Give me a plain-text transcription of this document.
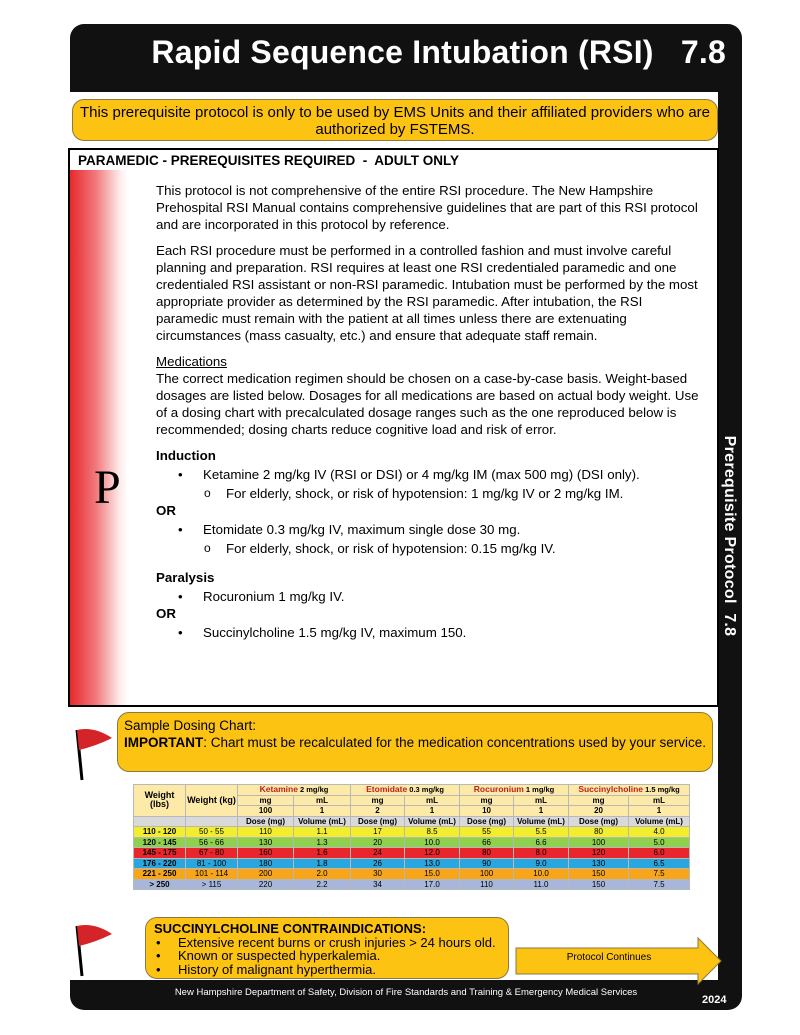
Rapid Sequence Intubation (RSI)   7.8
Prerequisite Protocol  7.8
This prerequisite protocol is only to be used by EMS Units and their affiliated providers who are authorized by FSTEMS.
PARAMEDIC - PREREQUISITES REQUIRED  -  ADULT ONLY
P

This protocol is not comprehensive of the entire RSI procedure. The New Hampshire Prehospital RSI Manual contains comprehensive guidelines that are part of this RSI protocol and are incorporated in this protocol by reference.

Each RSI procedure must be performed in a controlled fashion and must involve careful planning and preparation. RSI requires at least one RSI credentialed paramedic and one credentialed RSI assistant or non-RSI paramedic. Intubation must be performed by the most appropriate provider as determined by the RSI paramedic. After intubation, the RSI paramedic must remain with the patient at all times unless there are extenuating circumstances (mass casualty, etc.) and ensure that adequate staff remain.

Medications

The correct medication regimen should be chosen on a case-by-case basis. Weight-based dosages are listed below. Dosages for all medications are based on actual body weight. Use of a dosing chart with precalculated dosage ranges such as the one reproduced below is recommended; dosing charts reduce cognitive load and risk of error.

Induction
• Ketamine 2 mg/kg IV (RSI or DSI) or 4 mg/kg IM (max 500 mg) (DSI only).
o For elderly, shock, or risk of hypotension: 1 mg/kg IV or 2 mg/kg IM.
OR
• Etomidate 0.3 mg/kg IV, maximum single dose 30 mg.
o For elderly, shock, or risk of hypotension: 0.15 mg/kg IV.
Paralysis
• Rocuronium 1 mg/kg IV.
OR
• Succinylcholine 1.5 mg/kg IV, maximum 150.
Sample Dosing Chart:
IMPORTANT: Chart must be recalculated for the medication concentrations used by your service.
Weight (lbs)	Weight (kg)	Ketamine 2 mg/kg		Etomidate 0.3 mg/kg		Rocuronium 1 mg/kg		Succinylcholine 1.5 mg/kg	
		mg	mL	mg	mL	mg	mL	mg	mL
		100	1	2	1	10	1	20	1
		Dose (mg)	Volume (mL)	Dose (mg)	Volume (mL)	Dose (mg)	Volume (mL)	Dose (mg)	Volume (mL)
110 - 120	50 - 55	110	1.1	17	8.5	55	5.5	80	4.0
120 - 145	56 - 66	130	1.3	20	10.0	66	6.6	100	5.0
145 - 175	67 - 80	160	1.6	24	12.0	80	8.0	120	6.0
176 - 220	81 - 100	180	1.8	26	13.0	90	9.0	130	6.5
221 - 250	101 - 114	200	2.0	30	15.0	100	10.0	150	7.5
> 250	> 115	220	2.2	34	17.0	110	11.0	150	7.5
SUCCINYLCHOLINE CONTRAINDICATIONS:
• Extensive recent burns or crush injuries > 24 hours old.
• Known or suspected hyperkalemia.
• History of malignant hyperthermia.
Protocol Continues
New Hampshire Department of Safety, Division of Fire Standards and Training & Emergency Medical Services
2024
